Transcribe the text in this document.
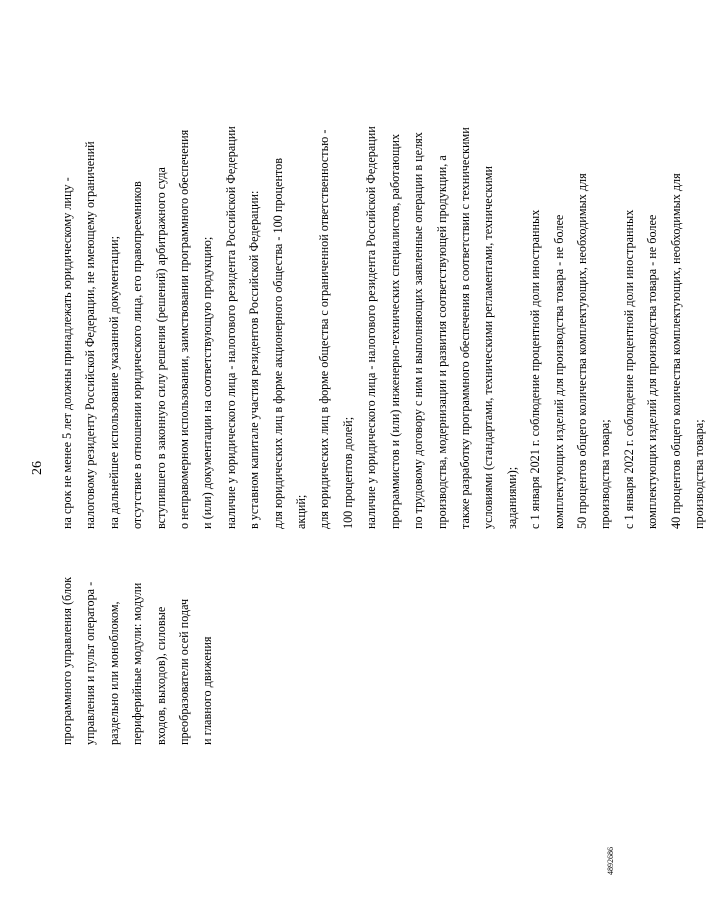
26
программного управления (блок управления и пульт оператора - раздельно или моноблоком, периферийные модули: модули входов, выходов), силовые преобразователи осей подач и главного движения
на срок не менее 5 лет должны принадлежать юридическому лицу - налоговому резиденту Российской Федерации, не имеющему ограничений на дальнейшее использование указанной документации; отсутствие в отношении юридического лица, его правопреемников вступившего в законную силу решения (решений) арбитражного суда о неправомерном использовании, заимствовании программного обеспечения и (или) документации на соответствующую продукцию; наличие у юридического лица - налогового резидента Российской Федерации в уставном капитале участия резидентов Российской Федерации: для юридических лиц в форме акционерного общества - 100 процентов акций; для юридических лиц в форме общества с ограниченной ответственностью - 100 процентов долей; наличие у юридического лица - налогового резидента Российской Федерации программистов и (или) инженерно-технических специалистов, работающих по трудовому договору с ним и выполняющих заявленные операции в целях производства, модернизации и развития соответствующей продукции, а также разработку программного обеспечения в соответствии с техническими условиями (стандартами, техническими регламентами, техническими заданиями); с 1 января 2021 г. соблюдение процентной доли иностранных комплектующих изделий для производства товара - не более 50 процентов общего количества комплектующих, необходимых для производства товара; с 1 января 2022 г. соблюдение процентной доли иностранных комплектующих изделий для производства товара - не более 40 процентов общего количества комплектующих, необходимых для производства товара;
4892686
